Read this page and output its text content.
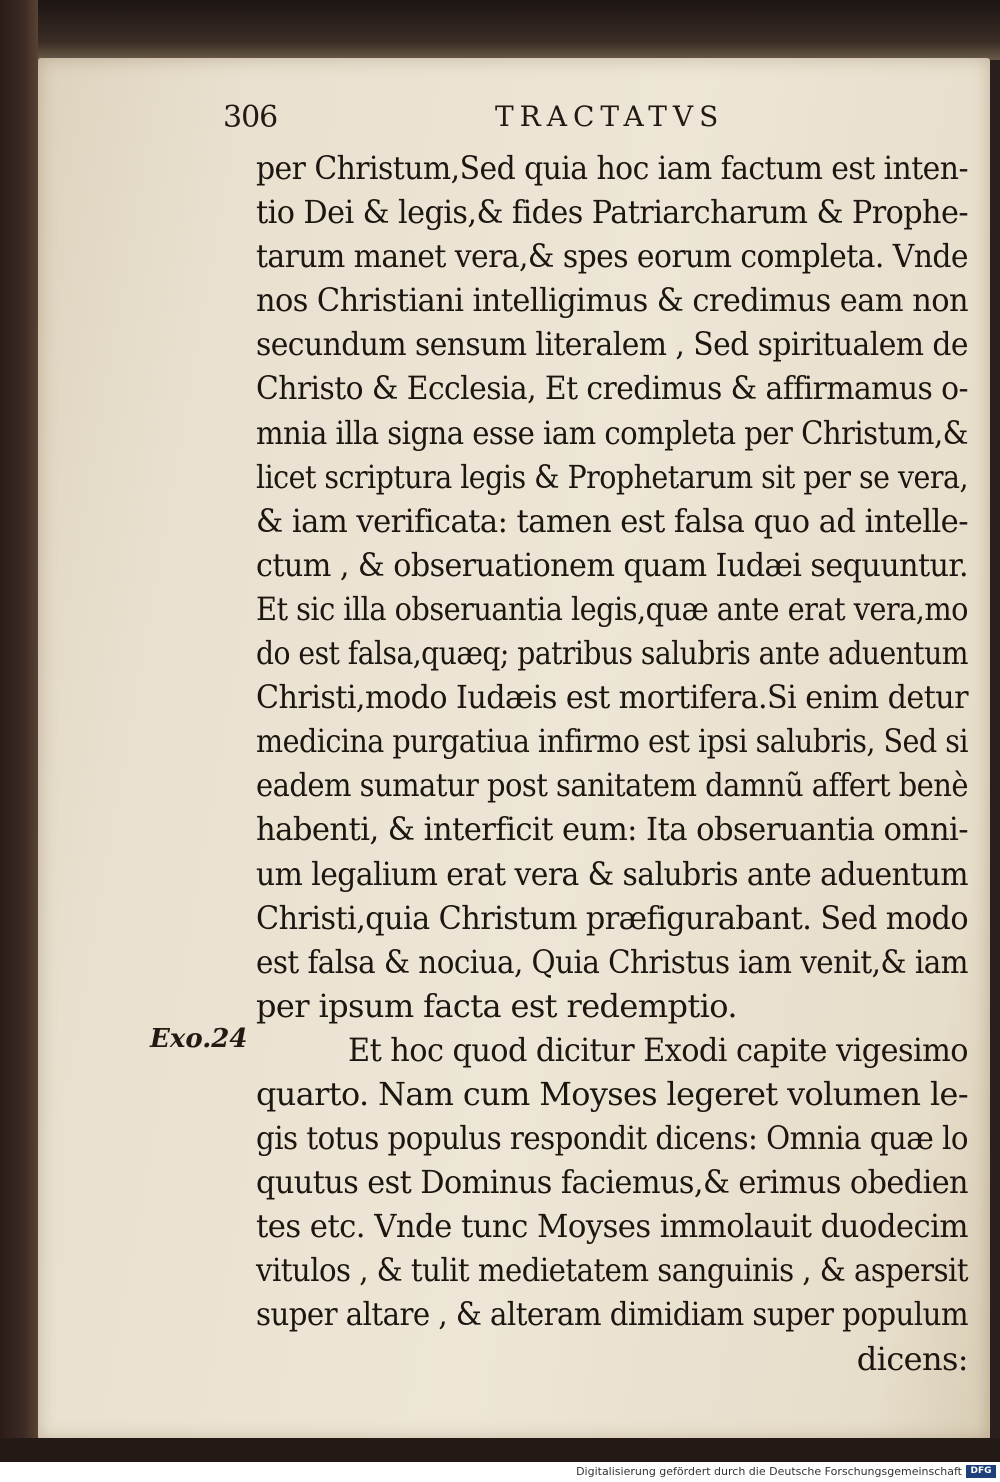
306	TRACTATVS
Exo.24
per Christum,Sed quia hoc iam factum est inten-
tio Dei & legis,& fides Patriarcharum & Prophe-
tarum manet vera,& spes eorum completa. Vnde
nos Christiani intelligimus & credimus eam non
secundum sensum literalem , Sed spiritualem de
Christo & Ecclesia, Et credimus & affirmamus o-
mnia illa signa esse iam completa per Christum,&
licet scriptura legis & Prophetarum sit per se vera,
& iam verificata: tamen est falsa quo ad intelle-
ctum , & obseruationem quam Iudæi sequuntur.
Et sic illa obseruantia legis,quæ ante erat vera,mo
do est falsa,quæq; patribus salubris ante aduentum
Christi,modo Iudæis est mortifera.Si enim detur
medicina purgatiua infirmo est ipsi salubris, Sed si
eadem sumatur post sanitatem damnũ affert benè
habenti, & interficit eum: Ita obseruantia omni-
um legalium erat vera & salubris ante aduentum
Christi,quia Christum præfigurabant. Sed modo
est falsa & nociua, Quia Christus iam venit,& iam
per ipsum facta est redemptio.
Et hoc quod dicitur Exodi capite vigesimo
quarto. Nam cum Moyses legeret volumen le-
gis totus populus respondit dicens: Omnia quæ lo
quutus est Dominus faciemus,& erimus obedien
tes etc. Vnde tunc Moyses immolauit duodecim
vitulos , & tulit medietatem sanguinis , & aspersit
super altare , & alteram dimidiam super populum
dicens:
Digitalisierung gefördert durch die Deutsche Forschungsgemeinschaft DFG
